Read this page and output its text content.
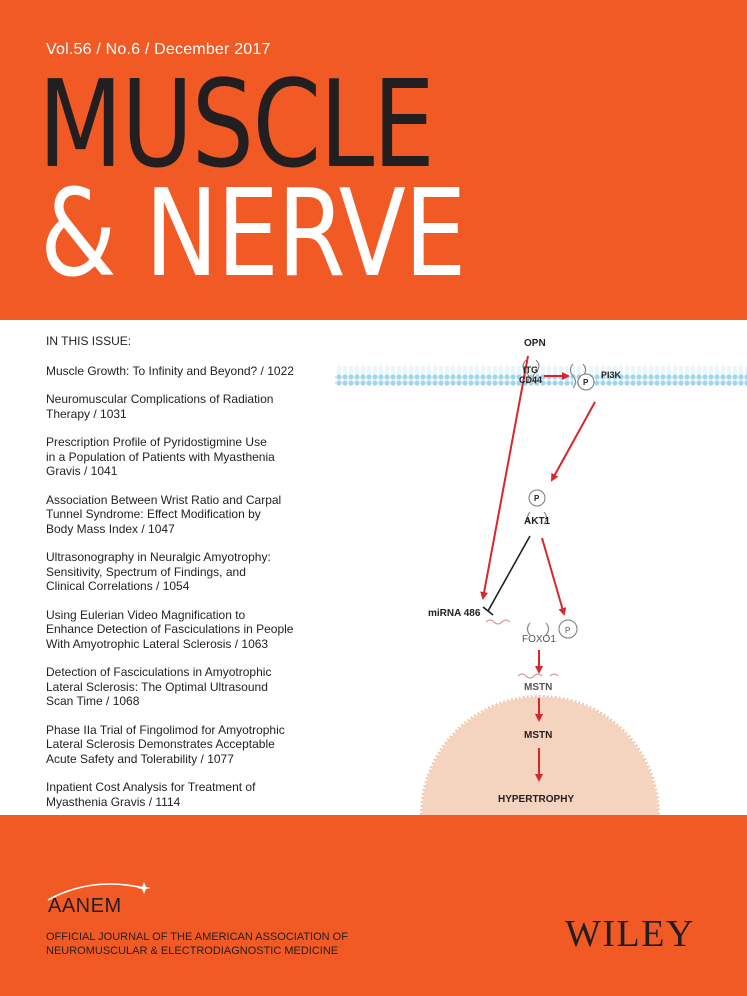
Vol.56 / No.6 / December 2017
MUSCLE
& NERVE
IN THIS ISSUE:
Muscle Growth: To Infinity and Beyond? / 1022
Neuromuscular Complications of Radiation
Therapy / 1031
Prescription Profile of Pyridostigmine Use
in a Population of Patients with Myasthenia
Gravis / 1041
Association Between Wrist Ratio and Carpal
Tunnel Syndrome: Effect Modification by
Body Mass Index / 1047
Ultrasonography in Neuralgic Amyotrophy:
Sensitivity, Spectrum of Findings, and
Clinical Correlations / 1054
Using Eulerian Video Magnification to
Enhance Detection of Fasciculations in People
With Amyotrophic Lateral Sclerosis / 1063
Detection of Fasciculations in Amyotrophic
Lateral Sclerosis: The Optimal Ultrasound
Scan Time / 1068
Phase IIa Trial of Fingolimod for Amyotrophic
Lateral Sclerosis Demonstrates Acceptable
Acute Safety and Tolerability / 1077
Inpatient Cost Analysis for Treatment of
Myasthenia Gravis / 1114
OPN
ITG
CD44	PI3K
P
P
AKT1
miRNA 486
FOXO1
P
MSTN
MSTN
HYPERTROPHY
AANEM
OFFICIAL JOURNAL OF THE AMERICAN ASSOCIATION OF
NEUROMUSCULAR & ELECTRODIAGNOSTIC MEDICINE	WILEY
